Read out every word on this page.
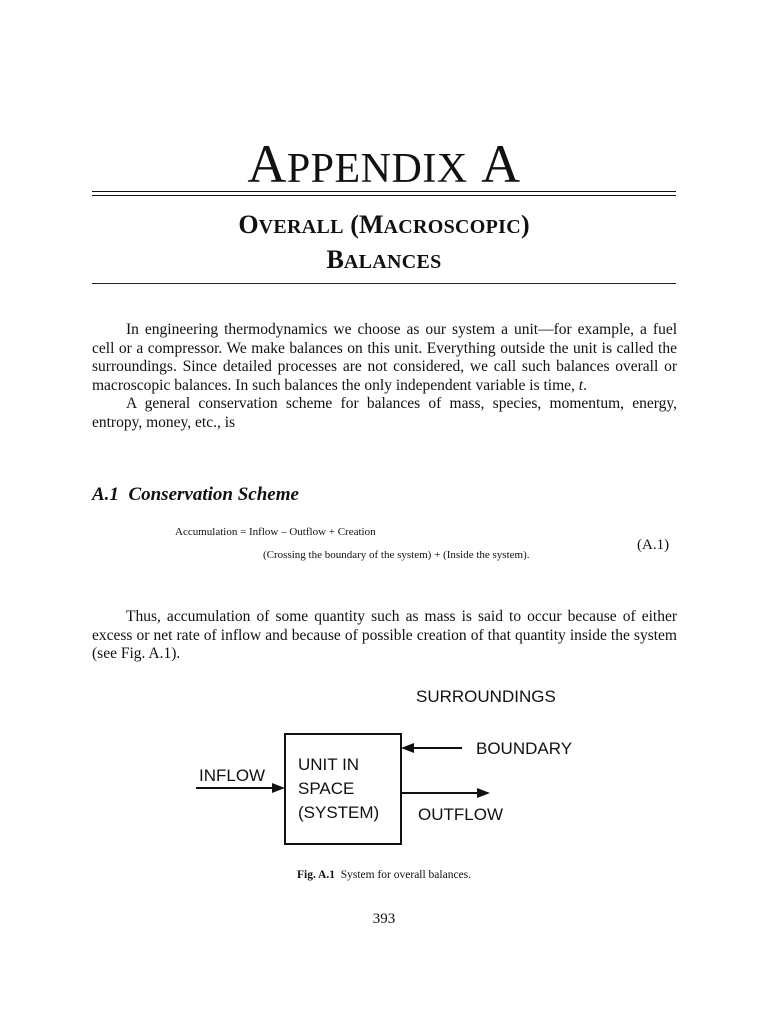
APPENDIX A
OVERALL (MACROSCOPIC)
BALANCES

In engineering thermodynamics we choose as our system a unit—for example, a fuel cell or a compressor. We make balances on this unit. Everything outside the unit is called the surroundings. Since detailed processes are not considered, we call such balances overall or macroscopic balances. In such balances the only independent variable is time, t.

A general conservation scheme for balances of mass, species, momentum, energy, entropy, money, etc., is

A.1 Conservation Scheme
Accumulation = Inflow – Outflow + Creation
(Crossing the boundary of the system) + (Inside the system).
(A.1)

Thus, accumulation of some quantity such as mass is said to occur because of either excess or net rate of inflow and because of possible creation of that quantity inside the system (see Fig. A.1).

SURROUNDINGS
BOUNDARY
INFLOW
OUTFLOW
UNIT IN
SPACE
(SYSTEM)
Fig. A.1 System for overall balances.
393
